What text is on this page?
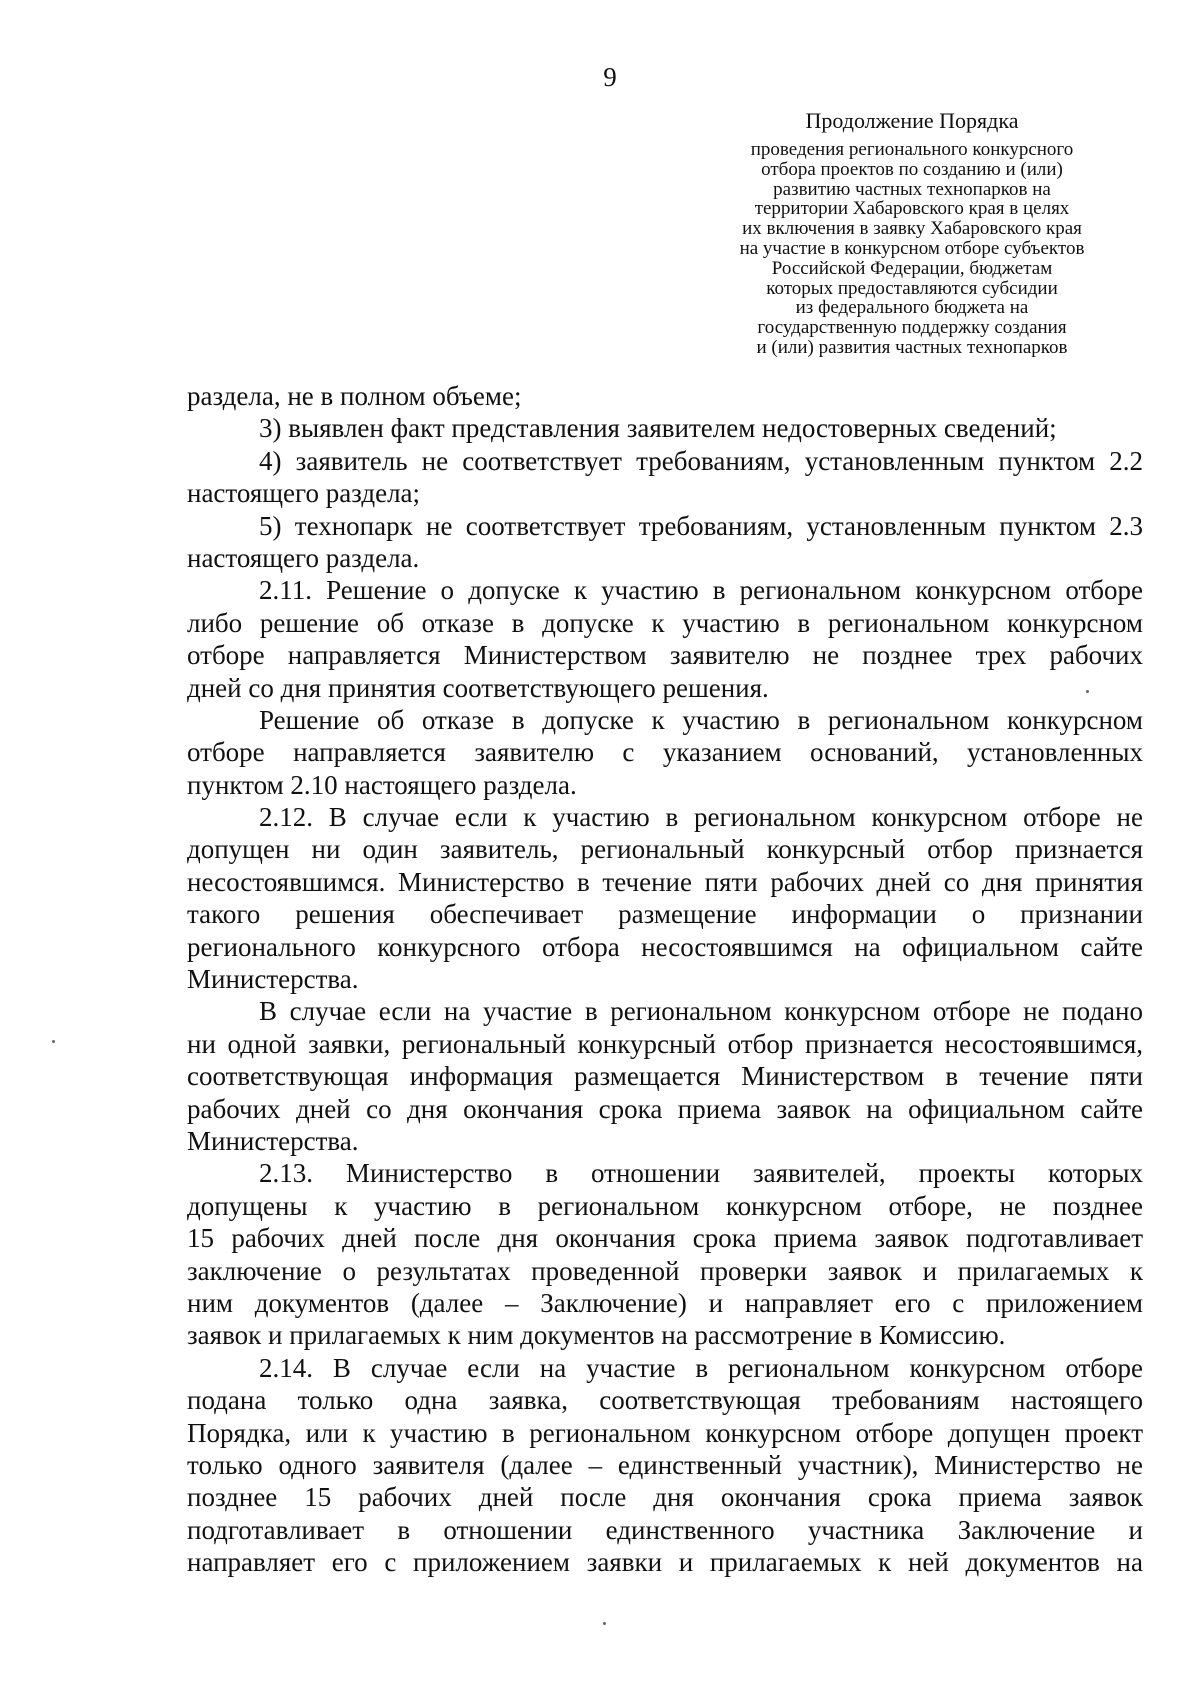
9
Продолжение Порядка
проведения регионального конкурсного
отбора проектов по созданию и (или)
развитию частных технопарков на
территории Хабаровского края в целях
их включения в заявку Хабаровского края
на участие в конкурсном отборе субъектов
Российской Федерации, бюджетам
которых предоставляются субсидии
из федерального бюджета на
государственную поддержку создания
и (или) развития частных технопарков
раздела, не в полном объеме;
3) выявлен факт представления заявителем недостоверных сведений;
4) заявитель не соответствует требованиям, установленным пунктом 2.2
настоящего раздела;
5) технопарк не соответствует требованиям, установленным пунктом 2.3
настоящего раздела.
2.11. Решение о допуске к участию в региональном конкурсном отборе
либо решение об отказе в допуске к участию в региональном конкурсном
отборе направляется Министерством заявителю не позднее трех рабочих
дней со дня принятия соответствующего решения.
Решение об отказе в допуске к участию в региональном конкурсном
отборе направляется заявителю с указанием оснований, установленных
пунктом 2.10 настоящего раздела.
2.12. В случае если к участию в региональном конкурсном отборе не
допущен ни один заявитель, региональный конкурсный отбор признается
несостоявшимся. Министерство в течение пяти рабочих дней со дня принятия
такого решения обеспечивает размещение информации о признании
регионального конкурсного отбора несостоявшимся на официальном сайте
Министерства.
В случае если на участие в региональном конкурсном отборе не подано
ни одной заявки, региональный конкурсный отбор признается несостоявшимся,
соответствующая информация размещается Министерством в течение пяти
рабочих дней со дня окончания срока приема заявок на официальном сайте
Министерства.
2.13. Министерство в отношении заявителей, проекты которых
допущены к участию в региональном конкурсном отборе, не позднее
15 рабочих дней после дня окончания срока приема заявок подготавливает
заключение о результатах проведенной проверки заявок и прилагаемых к
ним документов (далее – Заключение) и направляет его с приложением
заявок и прилагаемых к ним документов на рассмотрение в Комиссию.
2.14. В случае если на участие в региональном конкурсном отборе
подана только одна заявка, соответствующая требованиям настоящего
Порядка, или к участию в региональном конкурсном отборе допущен проект
только одного заявителя (далее – единственный участник), Министерство не
позднее 15 рабочих дней после дня окончания срока приема заявок
подготавливает в отношении единственного участника Заключение и
направляет его с приложением заявки и прилагаемых к ней документов на
